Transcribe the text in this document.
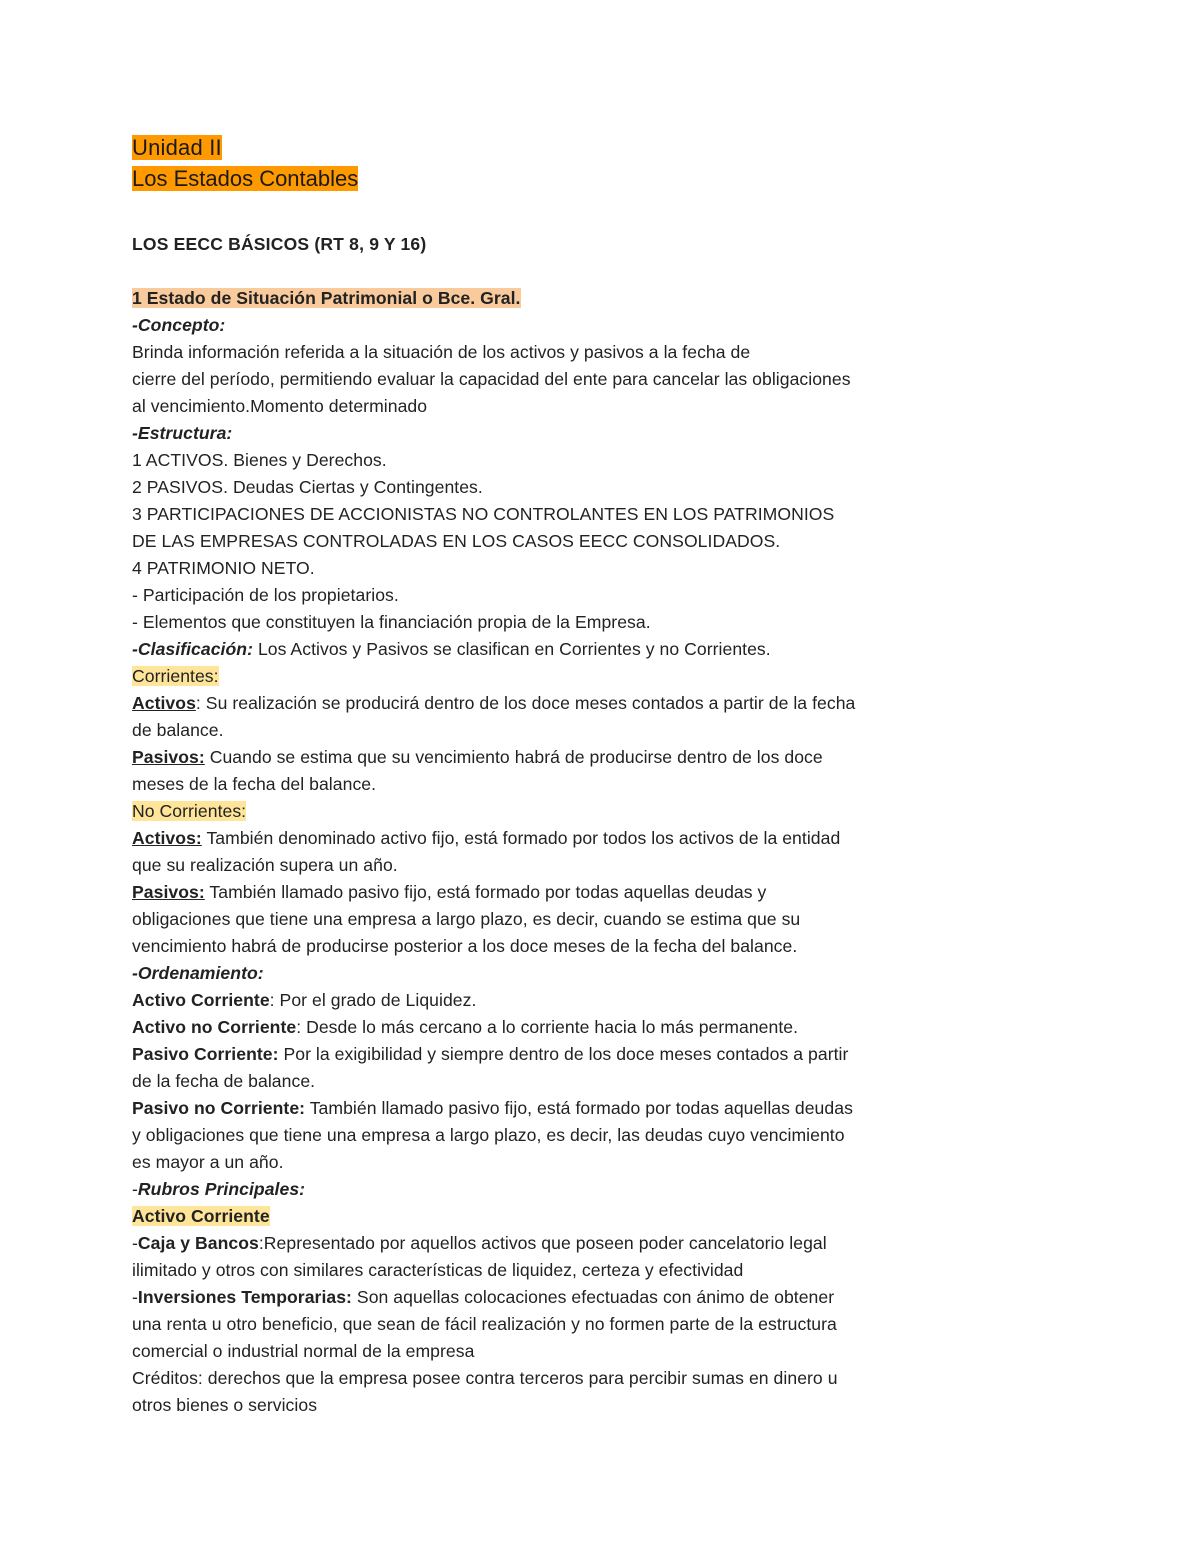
Unidad II
Los Estados Contables
LOS EECC BÁSICOS (RT 8, 9 Y 16)
1 Estado de Situación Patrimonial o Bce. Gral.
-Concepto:
Brinda información referida a la situación de los activos y pasivos a la fecha de
cierre del período, permitiendo evaluar la capacidad del ente para cancelar las obligaciones
al vencimiento.Momento determinado
-Estructura:
1 ACTIVOS. Bienes y Derechos.
2 PASIVOS. Deudas Ciertas y Contingentes.
3 PARTICIPACIONES DE ACCIONISTAS NO CONTROLANTES EN LOS PATRIMONIOS
DE LAS EMPRESAS CONTROLADAS EN LOS CASOS EECC CONSOLIDADOS.
4 PATRIMONIO NETO.
- Participación de los propietarios.
- Elementos que constituyen la financiación propia de la Empresa.
-Clasificación: Los Activos y Pasivos se clasifican en Corrientes y no Corrientes.
Corrientes:
Activos: Su realización se producirá dentro de los doce meses contados a partir de la fecha
de balance.
Pasivos: Cuando se estima que su vencimiento habrá de producirse dentro de los doce
meses de la fecha del balance.
No Corrientes:
Activos: También denominado activo fijo, está formado por todos los activos de la entidad
que su realización supera un año.
Pasivos: También llamado pasivo fijo, está formado por todas aquellas deudas y
obligaciones que tiene una empresa a largo plazo, es decir, cuando se estima que su
vencimiento habrá de producirse posterior a los doce meses de la fecha del balance.
-Ordenamiento:
Activo Corriente: Por el grado de Liquidez.
Activo no Corriente: Desde lo más cercano a lo corriente hacia lo más permanente.
Pasivo Corriente: Por la exigibilidad y siempre dentro de los doce meses contados a partir
de la fecha de balance.
Pasivo no Corriente: También llamado pasivo fijo, está formado por todas aquellas deudas
y obligaciones que tiene una empresa a largo plazo, es decir, las deudas cuyo vencimiento
es mayor a un año.
-Rubros Principales:
Activo Corriente
-Caja y Bancos:Representado por aquellos activos que poseen poder cancelatorio legal
ilimitado y otros con similares características de liquidez, certeza y efectividad
-Inversiones Temporarias: Son aquellas colocaciones efectuadas con ánimo de obtener
una renta u otro beneficio, que sean de fácil realización y no formen parte de la estructura
comercial o industrial normal de la empresa
Créditos: derechos que la empresa posee contra terceros para percibir sumas en dinero u
otros bienes o servicios
